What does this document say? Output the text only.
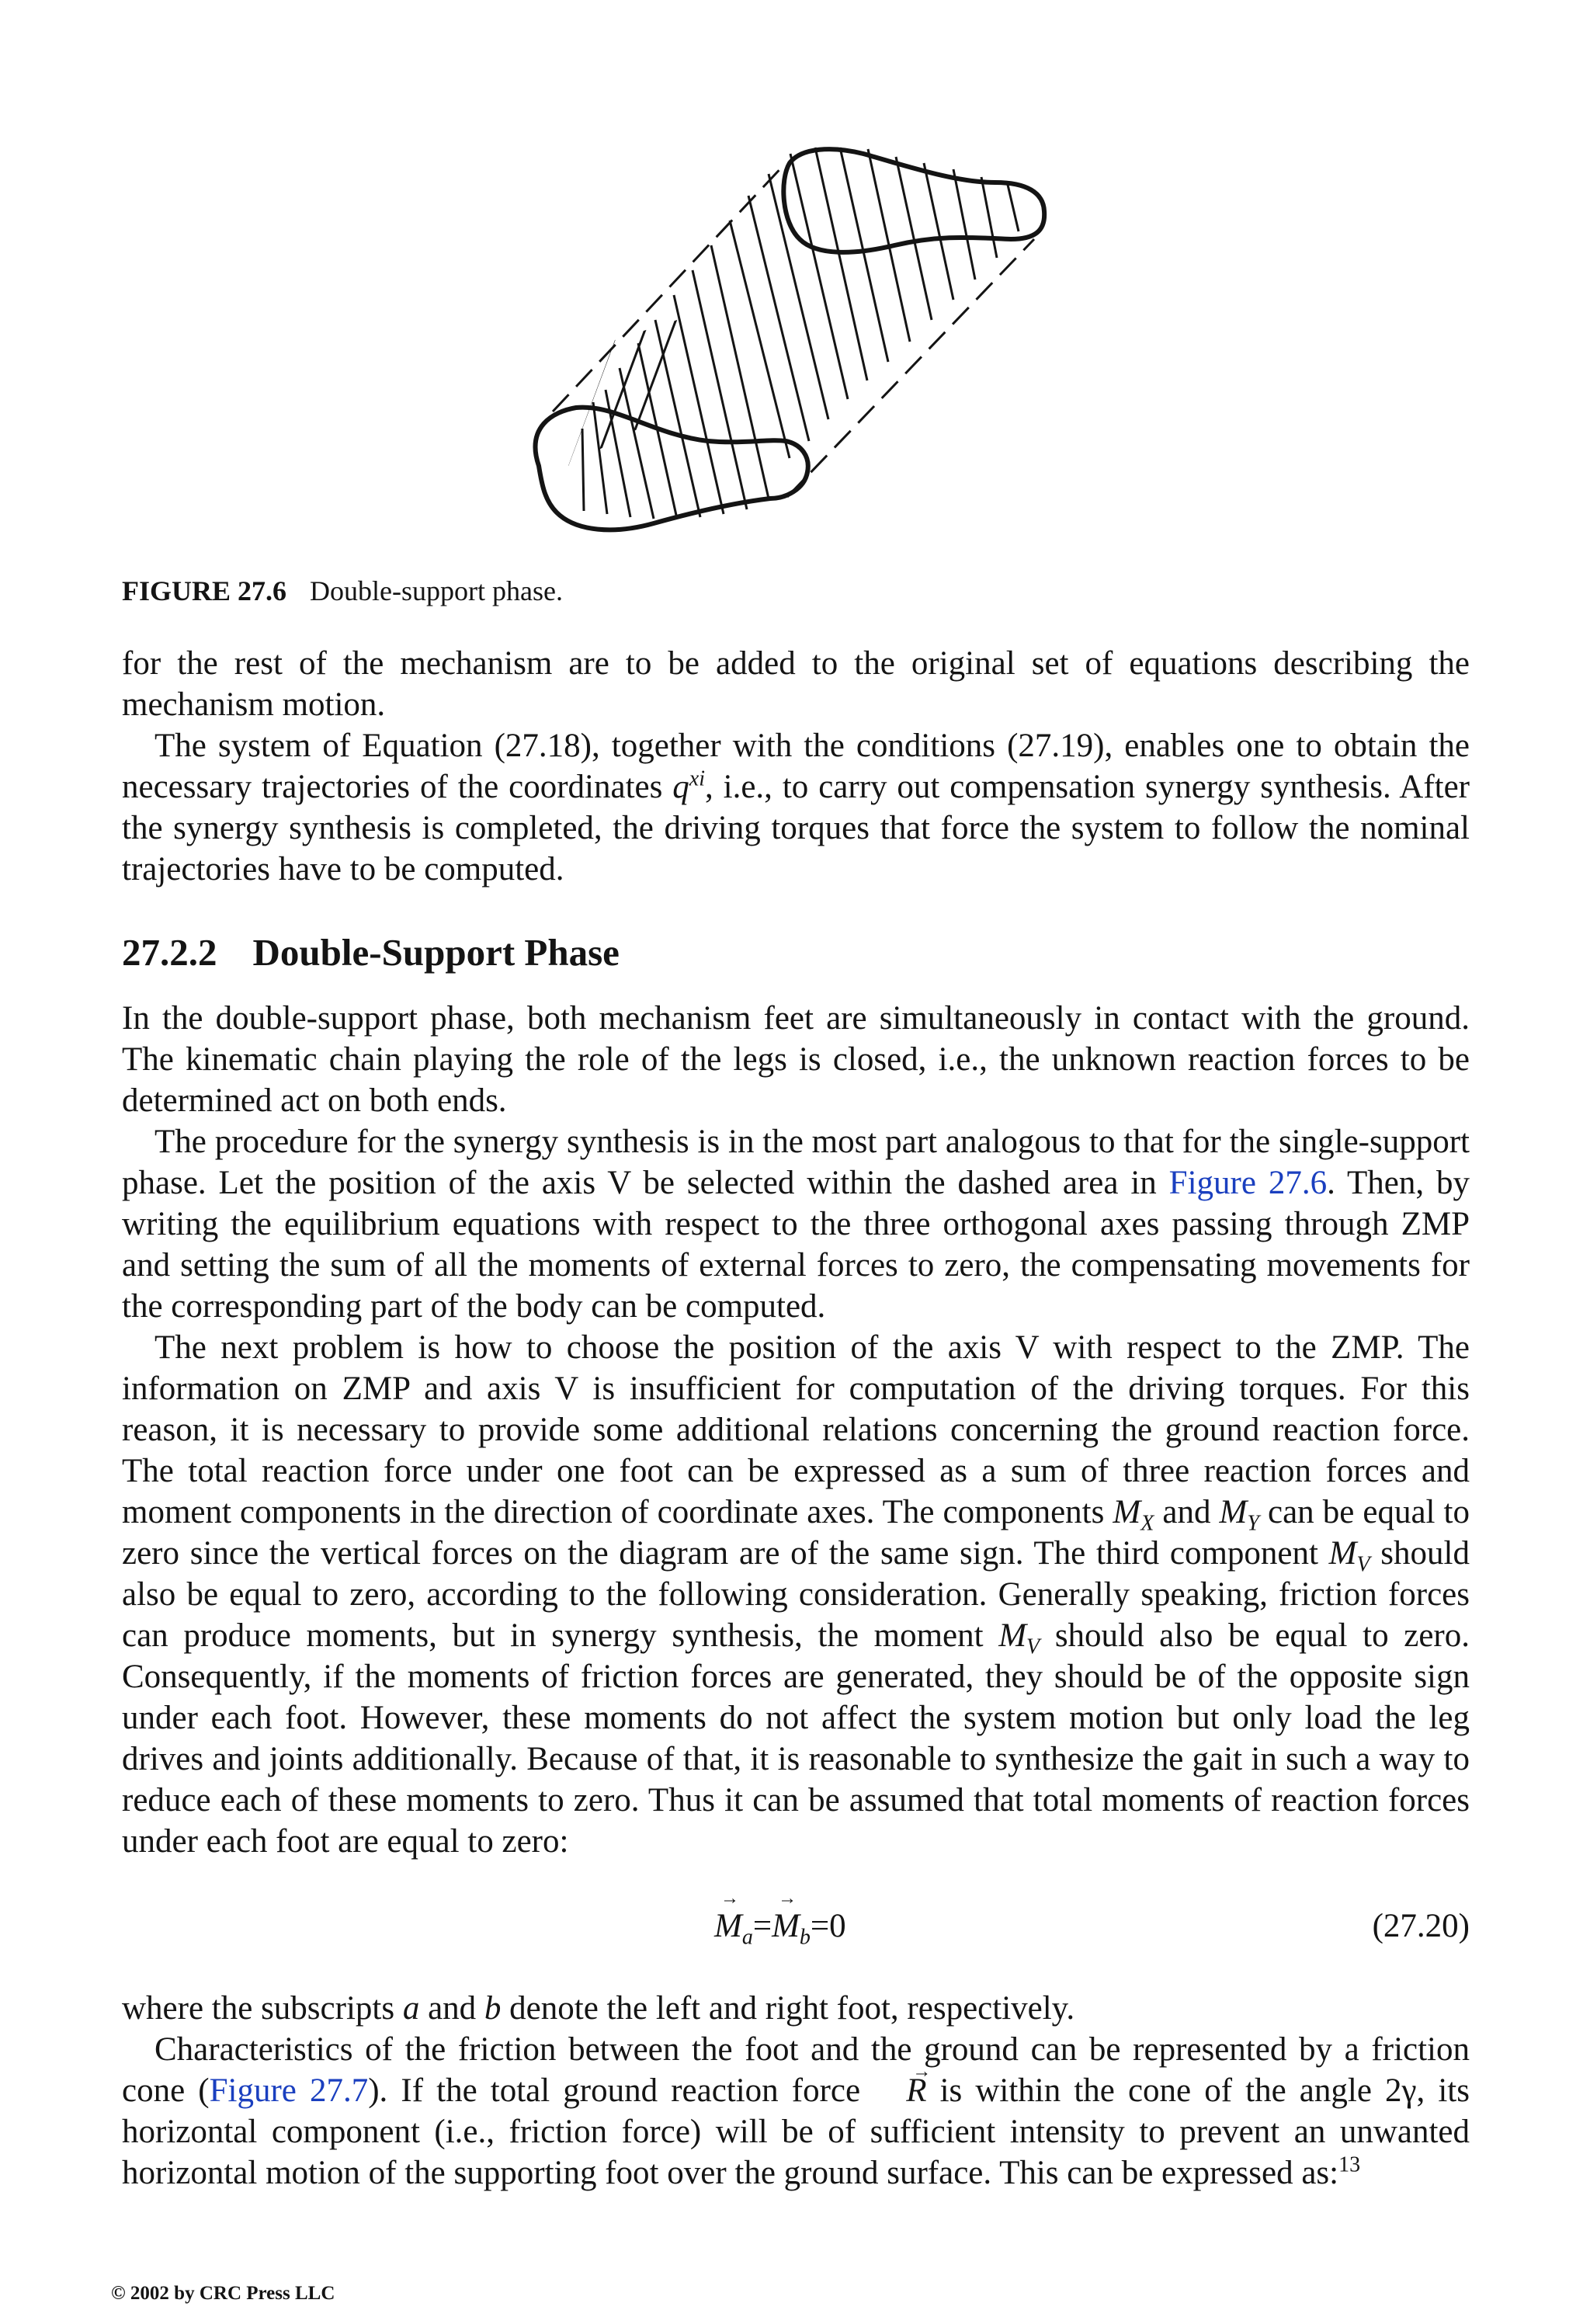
FIGURE 27.6 Double-support phase.

for the rest of the mechanism are to be added to the original set of equations describing the mechanism motion.

The system of Equation (27.18), together with the conditions (27.19), enables one to obtain the necessary trajectories of the coordinates $q^{xi}$, i.e., to carry out compensation synergy synthesis. After the synergy synthesis is completed, the driving torques that force the system to follow the nominal trajectories have to be computed.

27.2.2 Double-Support Phase

In the double-support phase, both mechanism feet are simultaneously in contact with the ground. The kinematic chain playing the role of the legs is closed, i.e., the unknown reaction forces to be determined act on both ends.

The procedure for the synergy synthesis is in the most part analogous to that for the single-support phase. Let the position of the axis V be selected within the dashed area in Figure 27.6. Then, by writing the equilibrium equations with respect to the three orthogonal axes passing through ZMP and setting the sum of all the moments of external forces to zero, the compensating movements for the corresponding part of the body can be computed.

The next problem is how to choose the position of the axis V with respect to the ZMP. The information on ZMP and axis V is insufficient for computation of the driving torques. For this reason, it is necessary to provide some additional relations concerning the ground reaction force. The total reaction force under one foot can be expressed as a sum of three reaction forces and moment components in the direction of coordinate axes. The components $M_X$ and $M_Y$ can be equal to zero since the vertical forces on the diagram are of the same sign. The third component $M_V$ should also be equal to zero, according to the following consideration. Generally speaking, friction forces can produce moments, but in synergy synthesis, the moment $M_V$ should also be equal to zero. Consequently, if the moments of friction forces are generated, they should be of the opposite sign under each foot. However, these moments do not affect the system motion but only load the leg drives and joints additionally. Because of that, it is reasonable to synthesize the gait in such a way to reduce each of these moments to zero. Thus it can be assumed that total moments of reaction forces under each foot are equal to zero:

→ $M_a=\to M_b=0$	(27.20)

where the subscripts a and b denote the left and right foot, respectively.

Characteristics of the friction between the foot and the ground can be represented by a friction cone (Figure 27.7). If the total ground reaction force → R is within the cone of the angle 2γ, its horizontal component (i.e., friction force) will be of sufficient intensity to prevent an unwanted horizontal motion of the supporting foot over the ground surface. This can be expressed as:$^{13}$

© 2002 by CRC Press LLC
